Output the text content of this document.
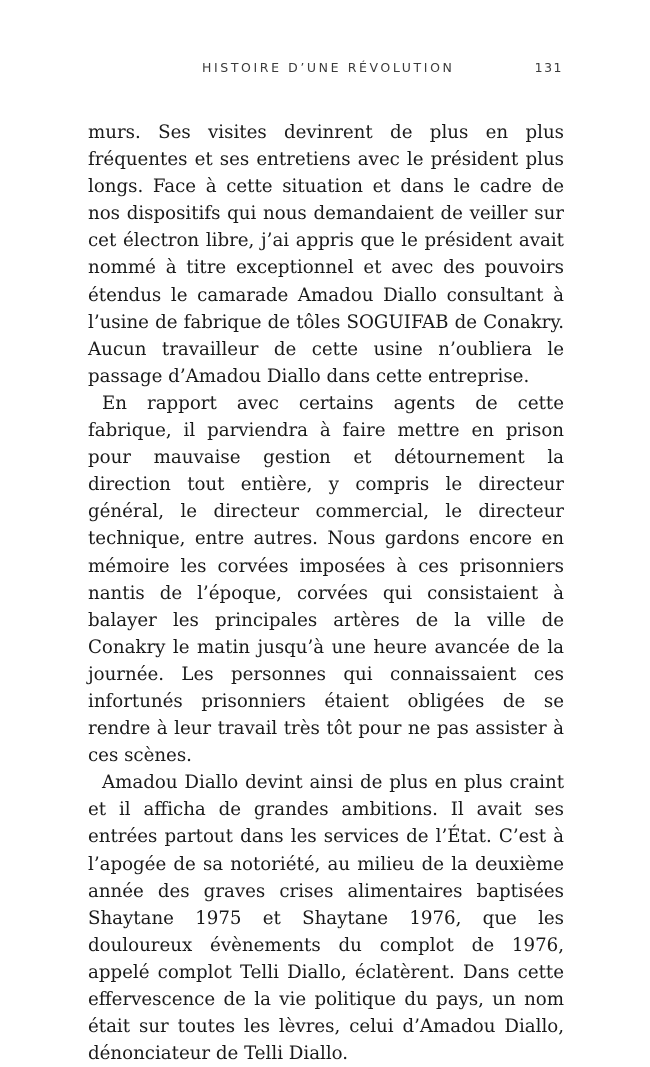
HISTOIRE D’UNE RÉVOLUTION	131

murs. Ses visites devinrent de plus en plus fréquentes et ses entretiens avec le président plus longs. Face à cette situation et dans le cadre de nos dispositifs qui nous demandaient de veiller sur cet électron libre, j’ai appris que le président avait nommé à titre exceptionnel et avec des pouvoirs étendus le camarade Amadou Diallo consultant à l’usine de fabrique de tôles SOGUIFAB de Conakry. Aucun travailleur de cette usine n’oubliera le passage d’Amadou Diallo dans cette entreprise.

En rapport avec certains agents de cette fabrique, il parviendra à faire mettre en prison pour mauvaise gestion et détournement la direction tout entière, y compris le directeur général, le directeur commercial, le directeur technique, entre autres. Nous gardons encore en mémoire les corvées imposées à ces prisonniers nantis de l’époque, corvées qui consistaient à balayer les principales artères de la ville de Conakry le matin jusqu’à une heure avancée de la journée. Les personnes qui connaissaient ces infortunés prisonniers étaient obligées de se rendre à leur travail très tôt pour ne pas assister à ces scènes.

Amadou Diallo devint ainsi de plus en plus craint et il afficha de grandes ambitions. Il avait ses entrées partout dans les services de l’État. C’est à l’apogée de sa notoriété, au milieu de la deuxième année des graves crises alimentaires baptisées Shaytane 1975 et Shaytane 1976, que les douloureux évènements du complot de 1976, appelé complot Telli Diallo, éclatèrent. Dans cette effervescence de la vie politique du pays, un nom était sur toutes les lèvres, celui d’Amadou Diallo, dénonciateur de Telli Diallo.
